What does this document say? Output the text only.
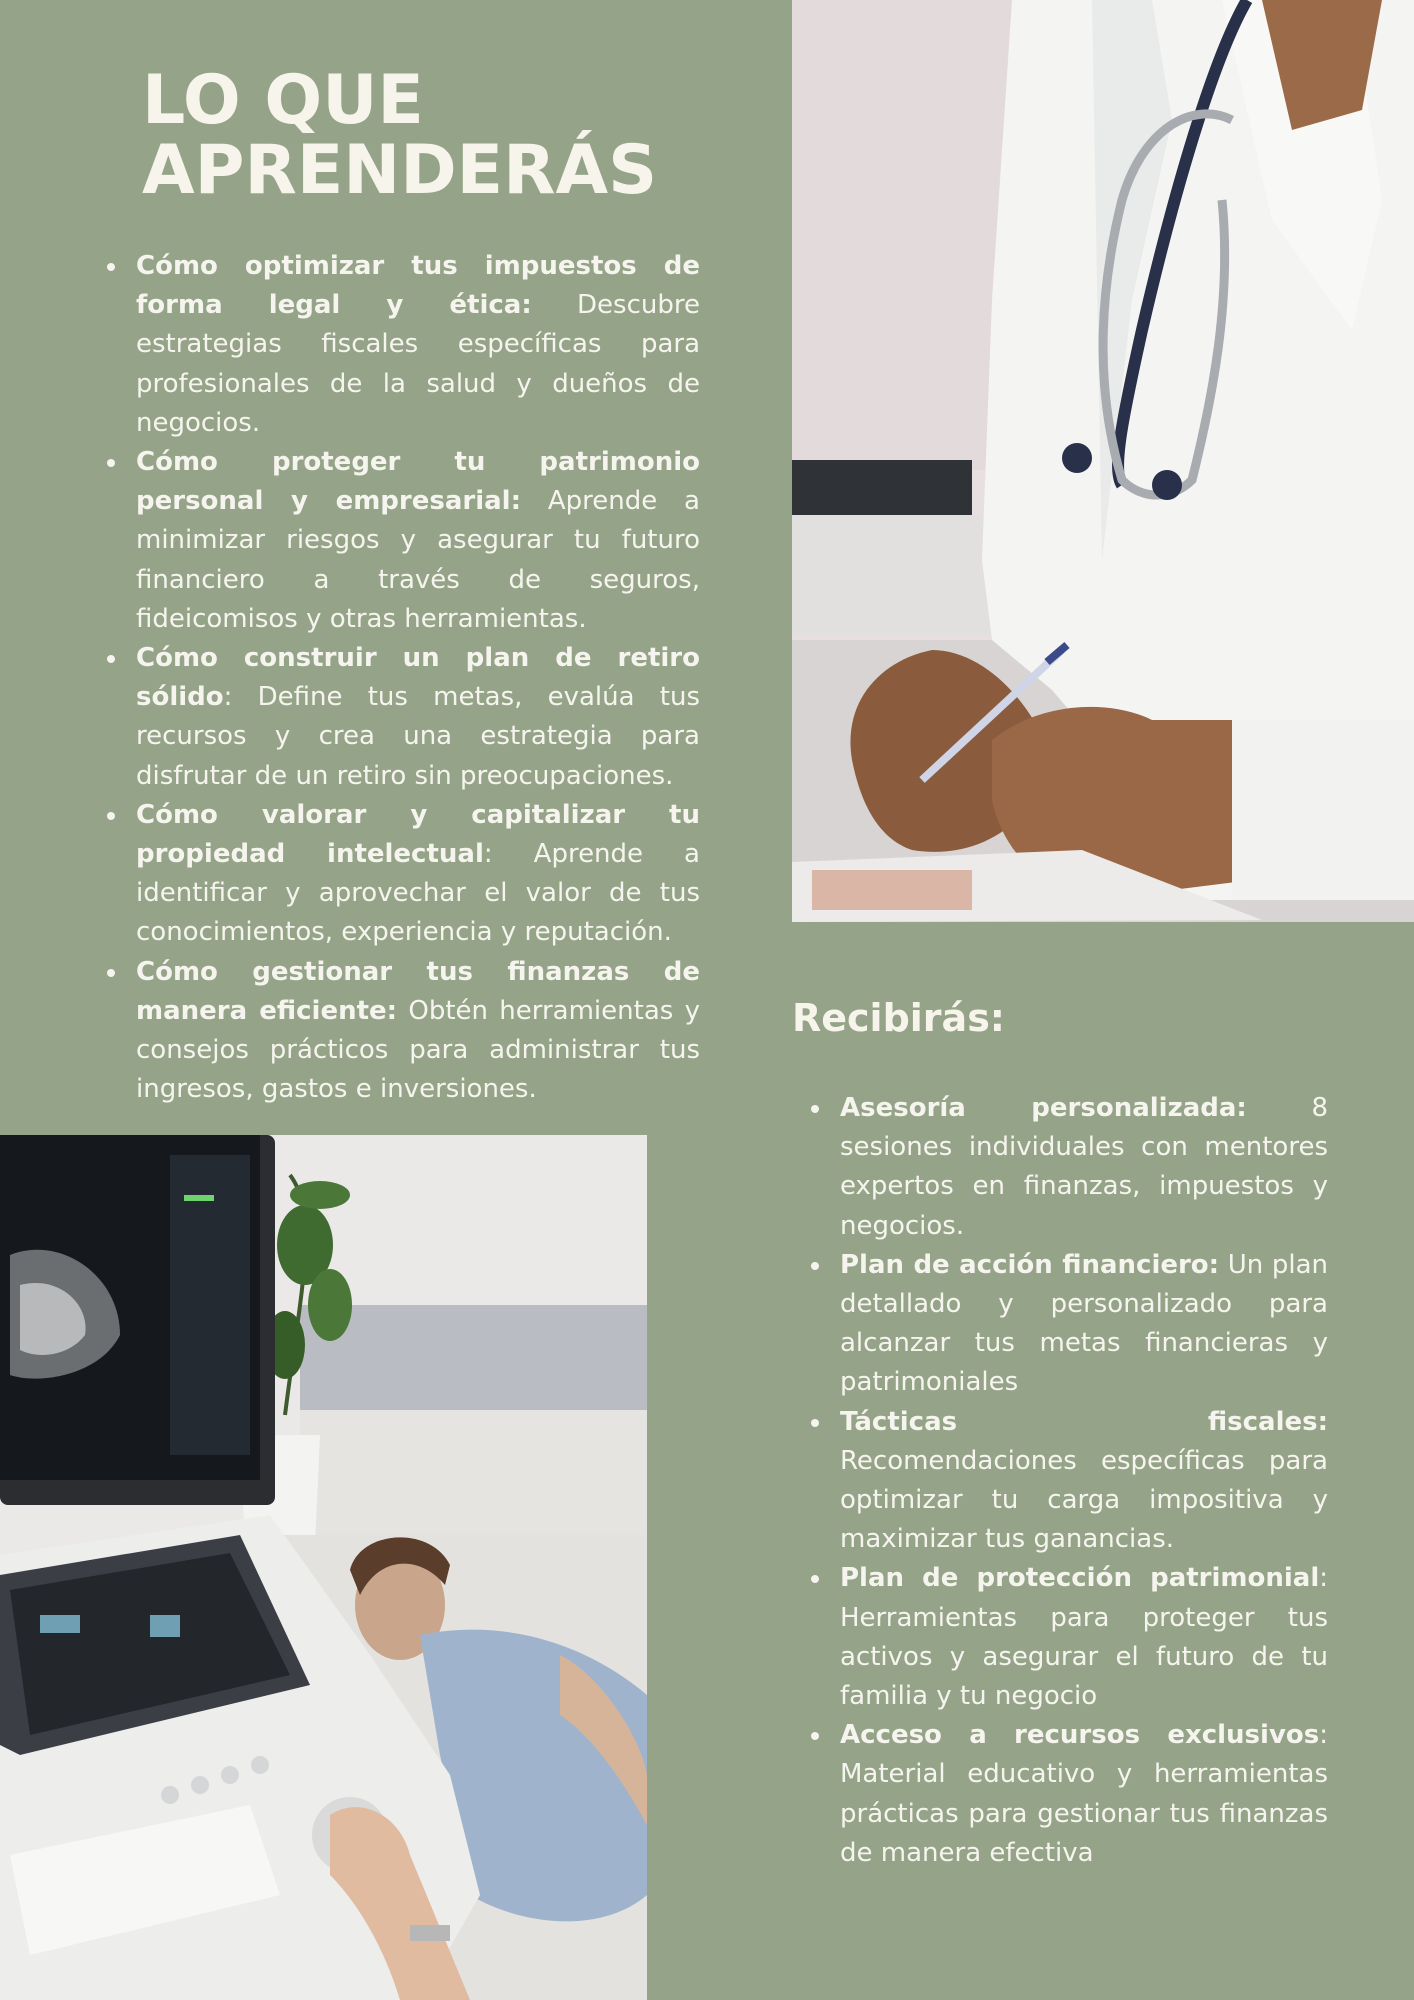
LO QUE
APRENDERÁS
Cómo optimizar tus impuestos de forma legal y ética: Descubre estrategias fiscales específicas para profesionales de la salud y dueños de negocios.
Cómo proteger tu patrimonio personal y empresarial: Aprende a minimizar riesgos y asegurar tu futuro financiero a través de seguros, fideicomisos y otras herramientas.
Cómo construir un plan de retiro sólido: Define tus metas, evalúa tus recursos y crea una estrategia para disfrutar de un retiro sin preocupaciones.
Cómo valorar y capitalizar tu propiedad intelectual: Aprende a identificar y aprovechar el valor de tus conocimientos, experiencia y reputación.
Cómo gestionar tus finanzas de manera eficiente: Obtén herramientas y consejos prácticos para administrar tus ingresos, gastos e inversiones.
Recibirás:
Asesoría personalizada: 8 sesiones individuales con mentores expertos en finanzas, impuestos y negocios.
Plan de acción financiero: Un plan detallado y personalizado para alcanzar tus metas financieras y patrimoniales
Tácticas fiscales: Recomendaciones específicas para optimizar tu carga impositiva y maximizar tus ganancias.
Plan de protección patrimonial: Herramientas para proteger tus activos y asegurar el futuro de tu familia y tu negocio
Acceso a recursos exclusivos: Material educativo y herramientas prácticas para gestionar tus finanzas de manera efectiva
